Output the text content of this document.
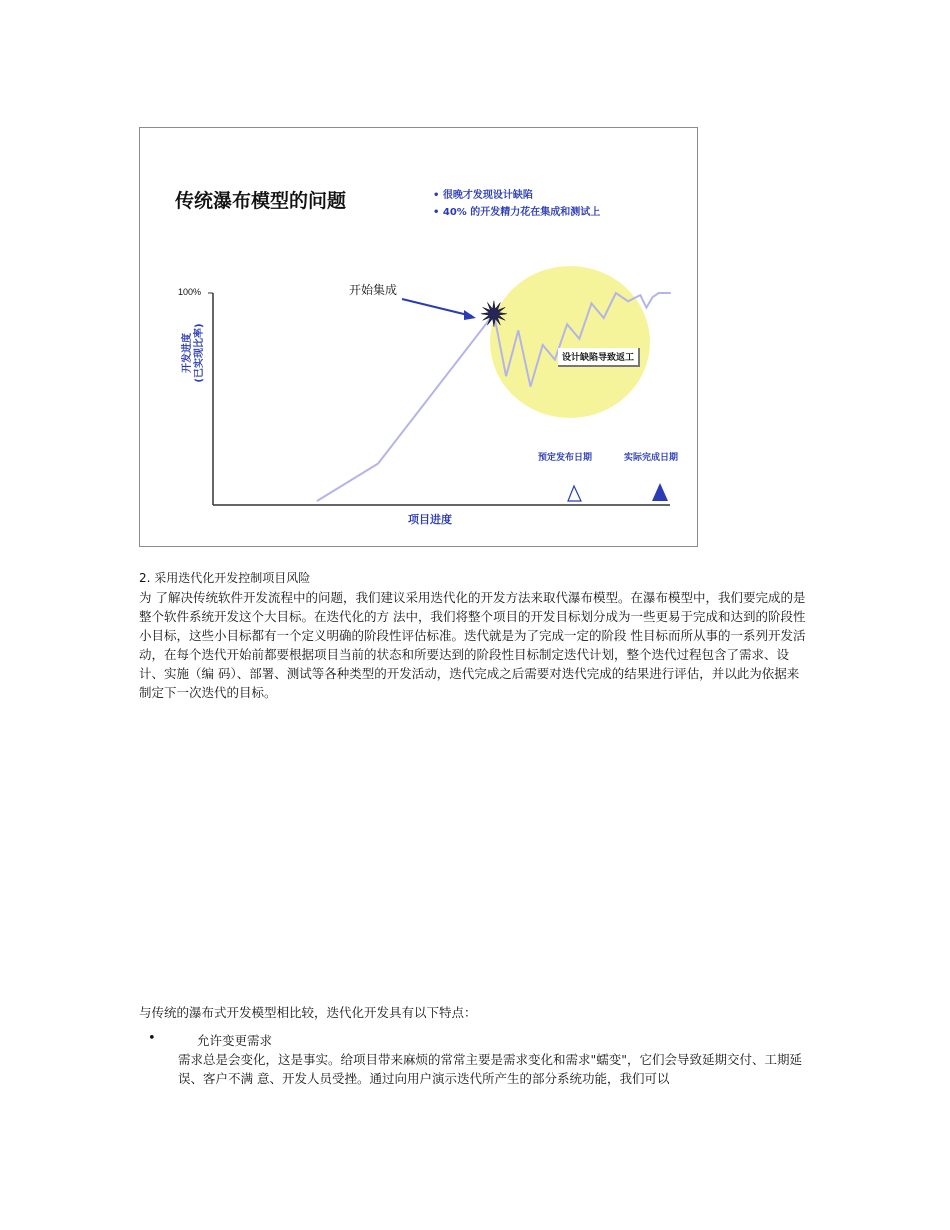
传统瀑布模型的问题
•	很晚才发现设计缺陷
• 40% 的开发精力花在集成和测试上
100%
开发进度 (已实现比率)
项目进度
开始集成
设计缺陷导致返工
预定发布日期	实际完成日期
2. 采用迭代化开发控制项目风险
为 了解决传统软件开发流程中的问题，我们建议采用迭代化的开发方法来取代瀑布模型。在瀑布模型中，我们要完成的是整个软件系统开发这个大目标。在迭代化的方 法中，我们将整个项目的开发目标划分成为一些更易于完成和达到的阶段性小目标，这些小目标都有一个定义明确的阶段性评估标准。迭代就是为了完成一定的阶段 性目标而所从事的一系列开发活动，在每个迭代开始前都要根据项目当前的状态和所要达到的阶段性目标制定迭代计划，整个迭代过程包含了需求、设计、实施（编 码）、部署、测试等各种类型的开发活动，迭代完成之后需要对迭代完成的结果进行评估，并以此为依据来制定下一次迭代的目标。
与传统的瀑布式开发模型相比较，迭代化开发具有以下特点：
•	允许变更需求
需求总是会变化，这是事实。给项目带来麻烦的常常主要是需求变化和需求"蠕变"，它们会导致延期交付、工期延误、客户不满 意、开发人员受挫。通过向用户演示迭代所产生的部分系统功能，我们可以
